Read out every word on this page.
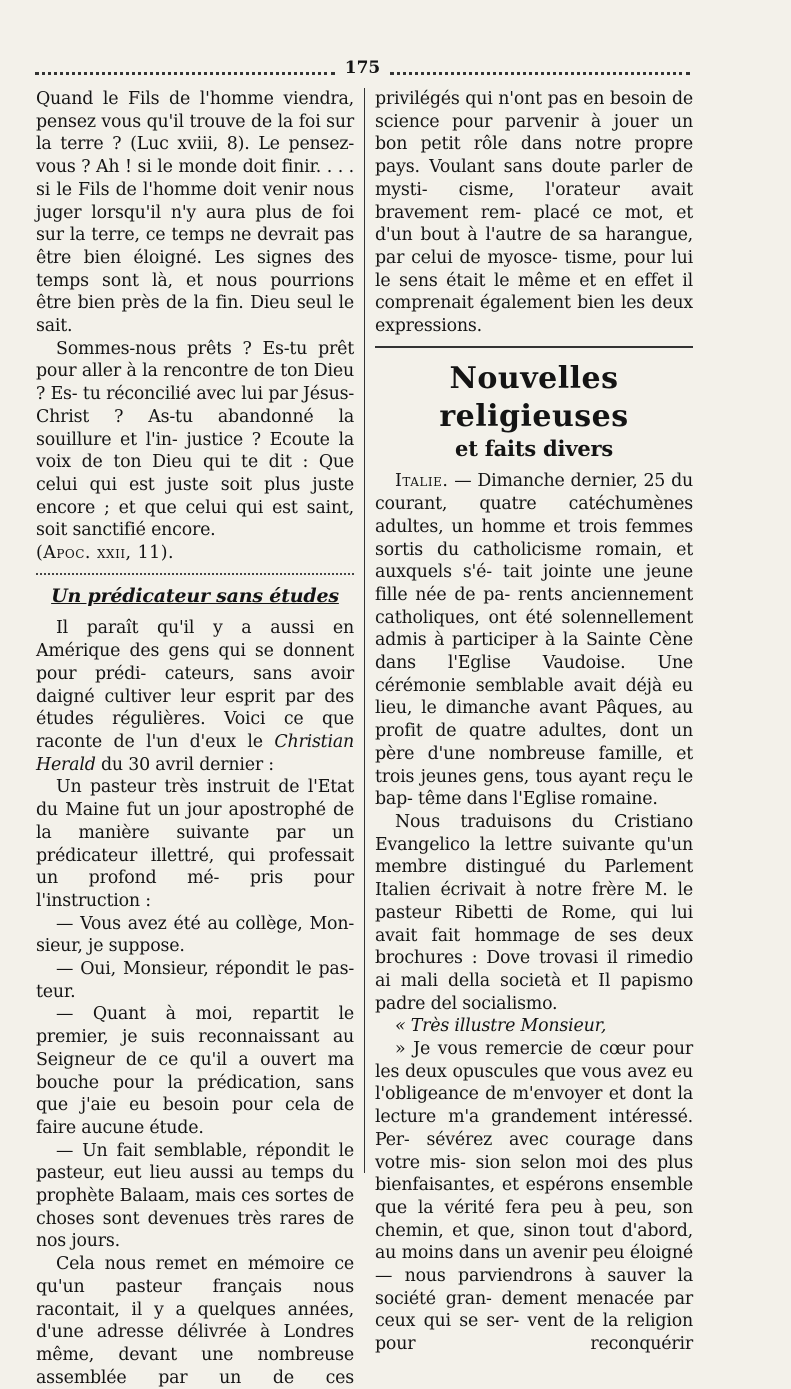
175

Quand le Fils de l'homme viendra, pensez vous qu'il trouve de la foi sur la terre ? (Luc xviii, 8). Le pensez- vous ? Ah ! si le monde doit finir. . . . si le Fils de l'homme doit venir nous juger lorsqu'il n'y aura plus de foi sur la terre, ce temps ne devrait pas être bien éloigné. Les signes des temps sont là, et nous pourrions être bien près de la fin. Dieu seul le sait.

Sommes-nous prêts ? Es-tu prêt pour aller à la rencontre de ton Dieu ? Es- tu réconcilié avec lui par Jésus-Christ ? As-tu abandonné la souillure et l'in- justice ? Ecoute la voix de ton Dieu qui te dit : Que celui qui est juste soit plus juste encore ; et que celui qui est saint, soit sanctifié encore.

(Apoc. xxii, 11).

Un prédicateur sans études

Il paraît qu'il y a aussi en Amérique des gens qui se donnent pour prédi- cateurs, sans avoir daigné cultiver leur esprit par des études régulières. Voici ce que raconte de l'un d'eux le Christian Herald du 30 avril dernier :

Un pasteur très instruit de l'Etat du Maine fut un jour apostrophé de la manière suivante par un prédicateur illettré, qui professait un profond mé- pris pour l'instruction :

— Vous avez été au collège, Mon- sieur, je suppose.

— Oui, Monsieur, répondit le pas- teur.

— Quant à moi, repartit le premier, je suis reconnaissant au Seigneur de ce qu'il a ouvert ma bouche pour la prédication, sans que j'aie eu besoin pour cela de faire aucune étude.

— Un fait semblable, répondit le pasteur, eut lieu aussi au temps du prophète Balaam, mais ces sortes de choses sont devenues très rares de nos jours.

Cela nous remet en mémoire ce qu'un pasteur français nous racontait, il y a quelques années, d'une adresse délivrée à Londres même, devant une nombreuse assemblée par un de ces

privilégés qui n'ont pas en besoin de science pour parvenir à jouer un bon petit rôle dans notre propre pays. Voulant sans doute parler de mysti- cisme, l'orateur avait bravement rem- placé ce mot, et d'un bout à l'autre de sa harangue, par celui de myosce- tisme, pour lui le sens était le même et en effet il comprenait également bien les deux expressions.

Nouvelles religieuses
et faits divers

Italie. — Dimanche dernier, 25 du courant, quatre catéchumènes adultes, un homme et trois femmes sortis du catholicisme romain, et auxquels s'é- tait jointe une jeune fille née de pa- rents anciennement catholiques, ont été solennellement admis à participer à la Sainte Cène dans l'Eglise Vaudoise. Une cérémonie semblable avait déjà eu lieu, le dimanche avant Pâques, au profit de quatre adultes, dont un père d'une nombreuse famille, et trois jeunes gens, tous ayant reçu le bap- tême dans l'Eglise romaine.

Nous traduisons du Cristiano Evangelico la lettre suivante qu'un membre distingué du Parlement Italien écrivait à notre frère M. le pasteur Ribetti de Rome, qui lui avait fait hommage de ses deux brochures : Dove trovasi il rimedio ai mali della società et Il papismo padre del socialismo.

« Très illustre Monsieur,

» Je vous remercie de cœur pour les deux opuscules que vous avez eu l'obligeance de m'envoyer et dont la lecture m'a grandement intéressé. Per- sévérez avec courage dans votre mis- sion selon moi des plus bienfaisantes, et espérons ensemble que la vérité fera peu à peu, son chemin, et que, sinon tout d'abord, au moins dans un avenir peu éloigné — nous parviendrons à sauver la société gran- dement menacée par ceux qui se ser- vent de la religion pour reconquérir
